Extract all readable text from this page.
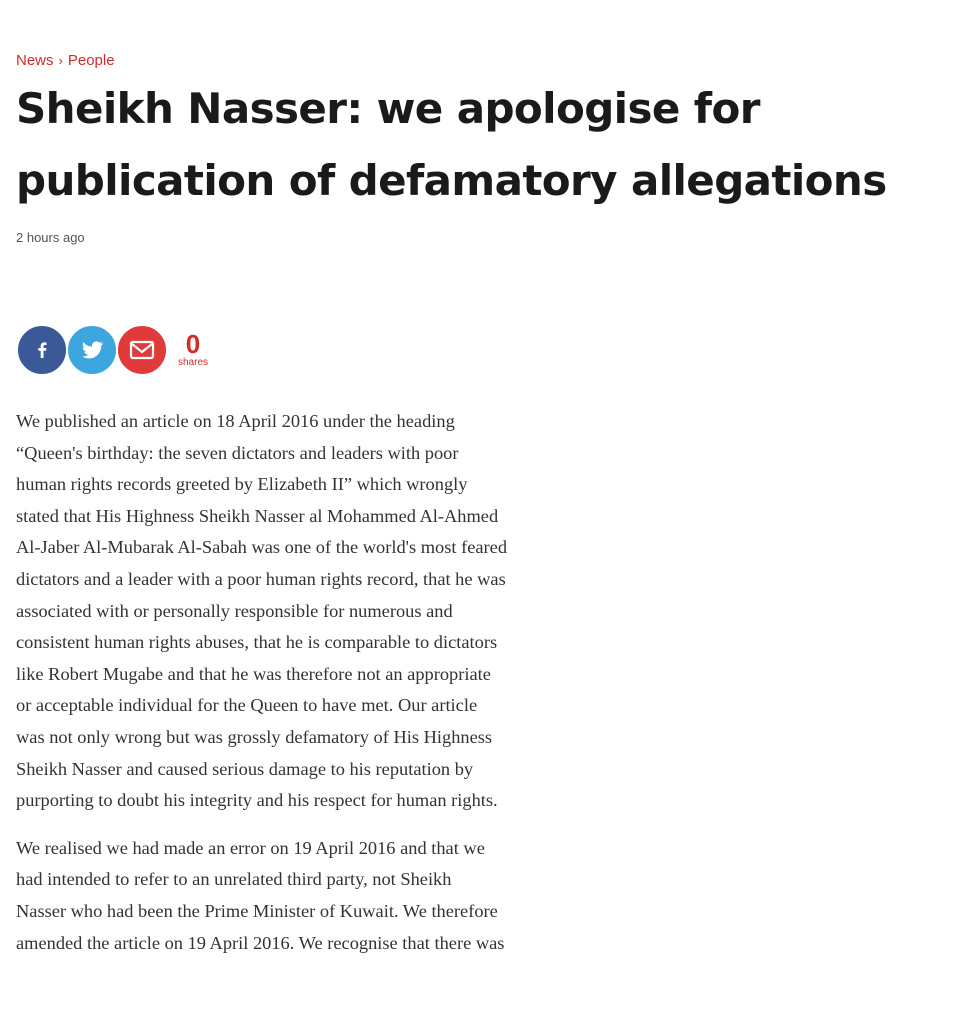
News › People
Sheikh Nasser: we apologise for
publication of defamatory allegations
2 hours ago
0
shares

We published an article on 18 April 2016 under the heading
“Queen's birthday: the seven dictators and leaders with poor
human rights records greeted by Elizabeth II” which wrongly
stated that His Highness Sheikh Nasser al Mohammed Al-Ahmed
Al-Jaber Al-Mubarak Al-Sabah was one of the world's most feared
dictators and a leader with a poor human rights record, that he was
associated with or personally responsible for numerous and
consistent human rights abuses, that he is comparable to dictators
like Robert Mugabe and that he was therefore not an appropriate
or acceptable individual for the Queen to have met. Our article
was not only wrong but was grossly defamatory of His Highness
Sheikh Nasser and caused serious damage to his reputation by
purporting to doubt his integrity and his respect for human rights.

We realised we had made an error on 19 April 2016 and that we
had intended to refer to an unrelated third party, not Sheikh
Nasser who had been the Prime Minister of Kuwait. We therefore
amended the article on 19 April 2016. We recognise that there was
